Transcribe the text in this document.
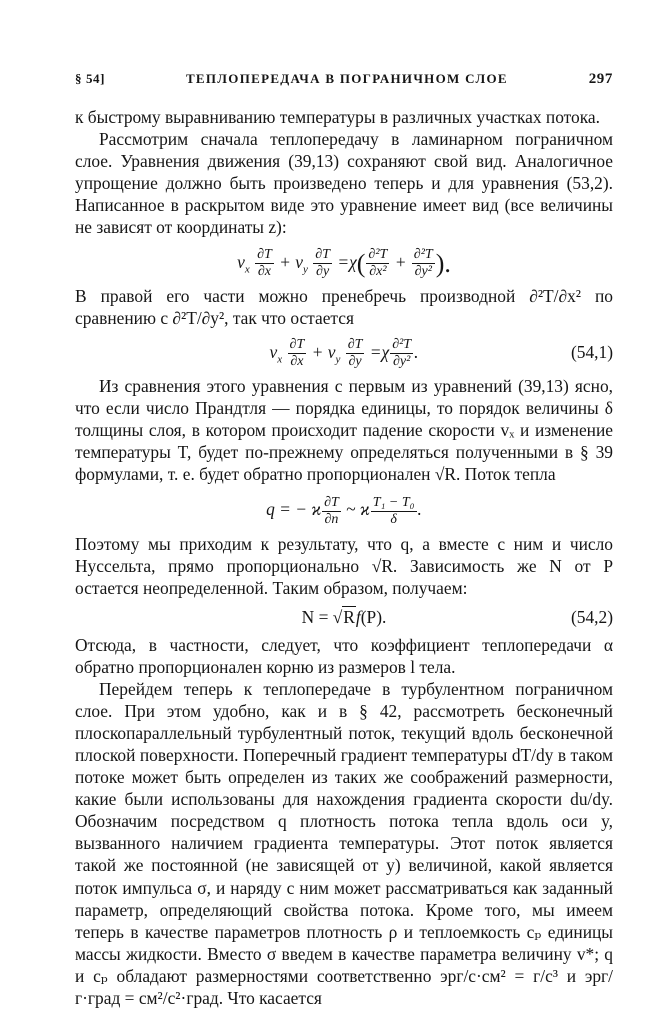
§ 54]	ТЕПЛОПЕРЕДАЧА В ПОГРАНИЧНОМ СЛОЕ	297

к быстрому выравниванию температуры в различных участках потока.

Рассмотрим сначала теплопередачу в ламинарном пограничном слое. Уравнения движения (39,13) сохраняют свой вид. Аналогичное упрощение должно быть произведено теперь и для уравнения (53,2). Написанное в раскрытом виде это уравнение имеет вид (все величины не зависят от координаты z):

$v_x \frac{\partial T}{\partial x} + v_y \frac{\partial T}{\partial y} =\chi( \frac{\text{∂²T}}{\text{∂x²}} + \frac{\text{∂²T}}{\text{∂y²}}$ ).

В правой его части можно пренебречь производной ∂²T/∂x² по сравнению с ∂²T/∂y², так что остается

$v_x \frac{\partial T}{\partial x} + v_y \frac{\partial T}{\partial y} =\chi \frac{\text{∂²T}}{\text{∂y²}}$ .	(54,1)

Из сравнения этого уравнения с первым из уравнений (39,13) ясно, что если число Прандтля — порядка единицы, то порядок величины δ толщины слоя, в котором происходит падение скорости vₓ и изменение температуры T, будет по-прежнему определяться полученными в § 39 формулами, т. е. будет обратно пропорционален √R. Поток тепла

q = − ϰ $\frac{\partial T}{\partial n}$ ~ ϰ $\frac{\text{T₁ − T₀}}{\delta}$ .

Поэтому мы приходим к результату, что q, а вместе с ним и число Нуссельта, прямо пропорционально √R. Зависимость же N от P остается неопределенной. Таким образом, получаем:

N = √Rf(P).	(54,2)

Отсюда, в частности, следует, что коэффициент теплопередачи α обратно пропорционален корню из размеров l тела.

Перейдем теперь к теплопередаче в турбулентном пограничном слое. При этом удобно, как и в § 42, рассмотреть бесконечный плоскопараллельный турбулентный поток, текущий вдоль бесконечной плоской поверхности. Поперечный градиент температуры dT/dy в таком потоке может быть определен из таких же соображений размерности, какие были использованы для нахождения градиента скорости du/dy. Обозначим посредством q плотность потока тепла вдоль оси y, вызванного наличием градиента температуры. Этот поток является такой же постоянной (не зависящей от y) величиной, какой является поток импульса σ, и наряду с ним может рассматриваться как заданный параметр, определяющий свойства потока. Кроме того, мы имеем теперь в качестве параметров плотность ρ и теплоемкость cₚ единицы массы жидкости. Вместо σ введем в качестве параметра величину v*; q и cₚ обладают размерностями соответственно эрг/с·см² = г/с³ и эрг/г·град = см²/с²·град. Что касается
